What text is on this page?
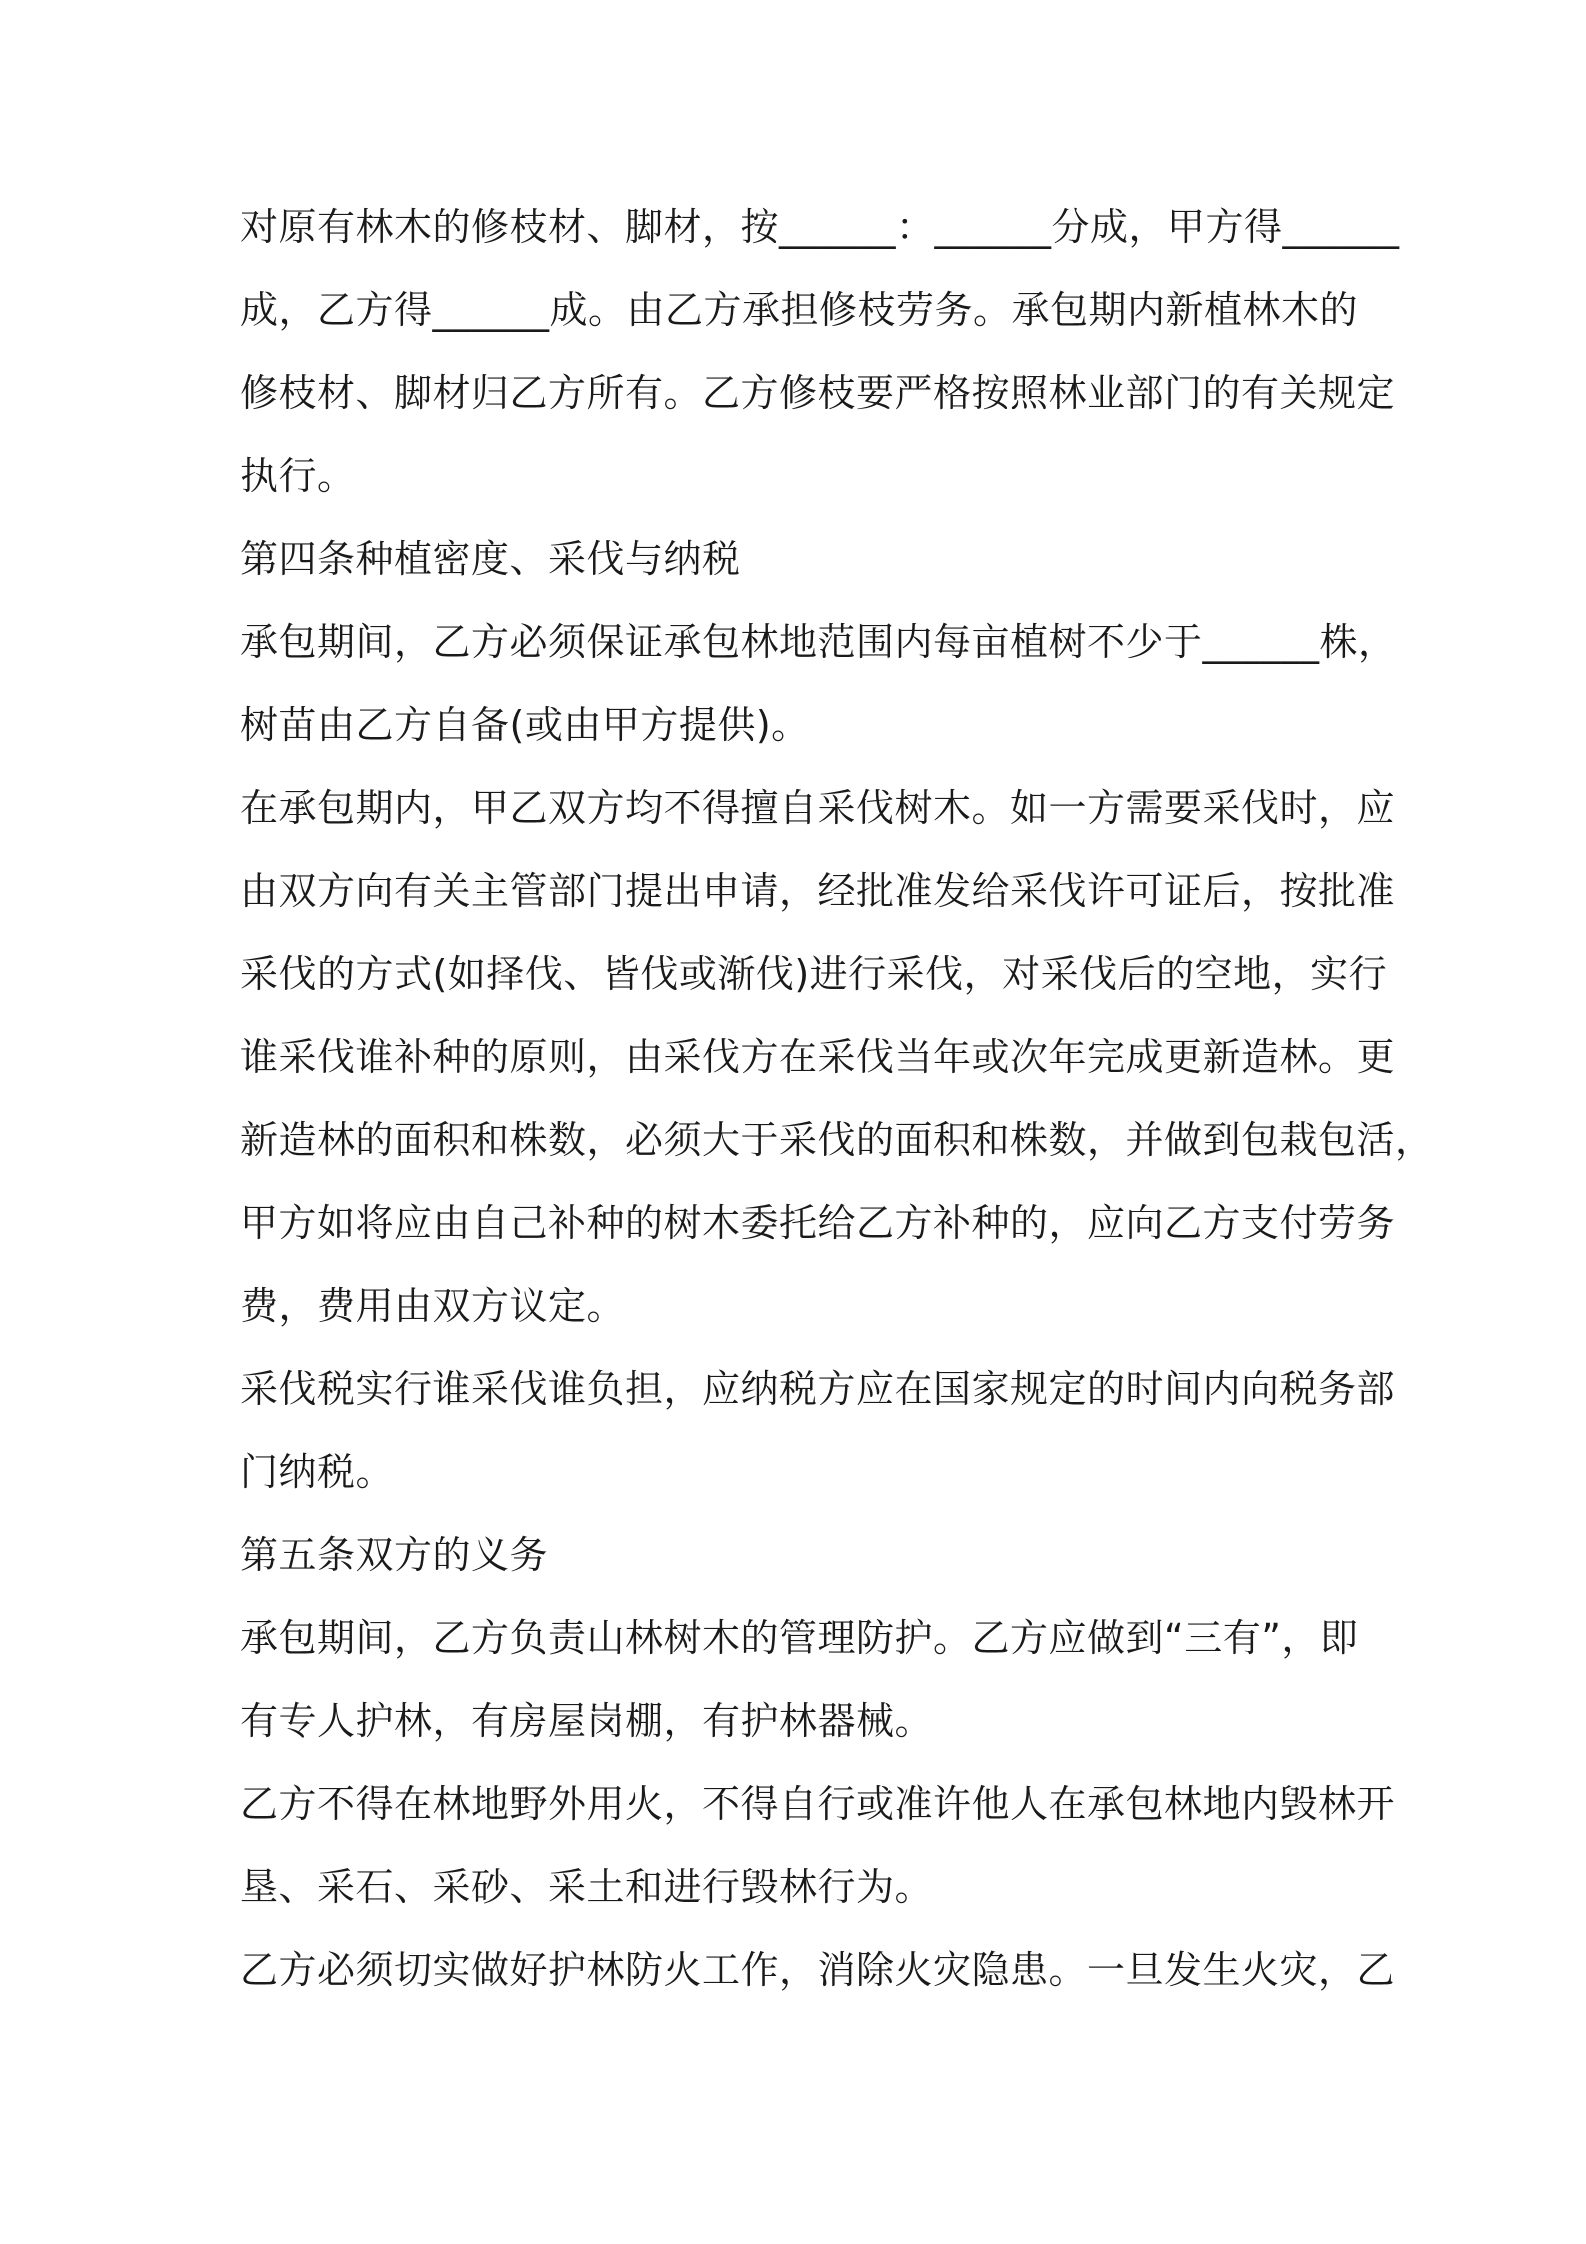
对原有林木的修枝材、脚材，按______：______分成，甲方得______
成，乙方得______成。由乙方承担修枝劳务。承包期内新植林木的
修枝材、脚材归乙方所有。乙方修枝要严格按照林业部门的有关规定
执行。
第四条种植密度、采伐与纳税
承包期间，乙方必须保证承包林地范围内每亩植树不少于______株，
树苗由乙方自备(或由甲方提供)。
在承包期内，甲乙双方均不得擅自采伐树木。如一方需要采伐时，应
由双方向有关主管部门提出申请，经批准发给采伐许可证后，按批准
采伐的方式(如择伐、皆伐或渐伐)进行采伐，对采伐后的空地，实行
谁采伐谁补种的原则，由采伐方在采伐当年或次年完成更新造林。更
新造林的面积和株数，必须大于采伐的面积和株数，并做到包栽包活，
甲方如将应由自己补种的树木委托给乙方补种的，应向乙方支付劳务
费，费用由双方议定。
采伐税实行谁采伐谁负担，应纳税方应在国家规定的时间内向税务部
门纳税。
第五条双方的义务
承包期间，乙方负责山林树木的管理防护。乙方应做到“三有”，即
有专人护林，有房屋岗棚，有护林器械。
乙方不得在林地野外用火，不得自行或准许他人在承包林地内毁林开
垦、采石、采砂、采土和进行毁林行为。
乙方必须切实做好护林防火工作，消除火灾隐患。一旦发生火灾，乙
